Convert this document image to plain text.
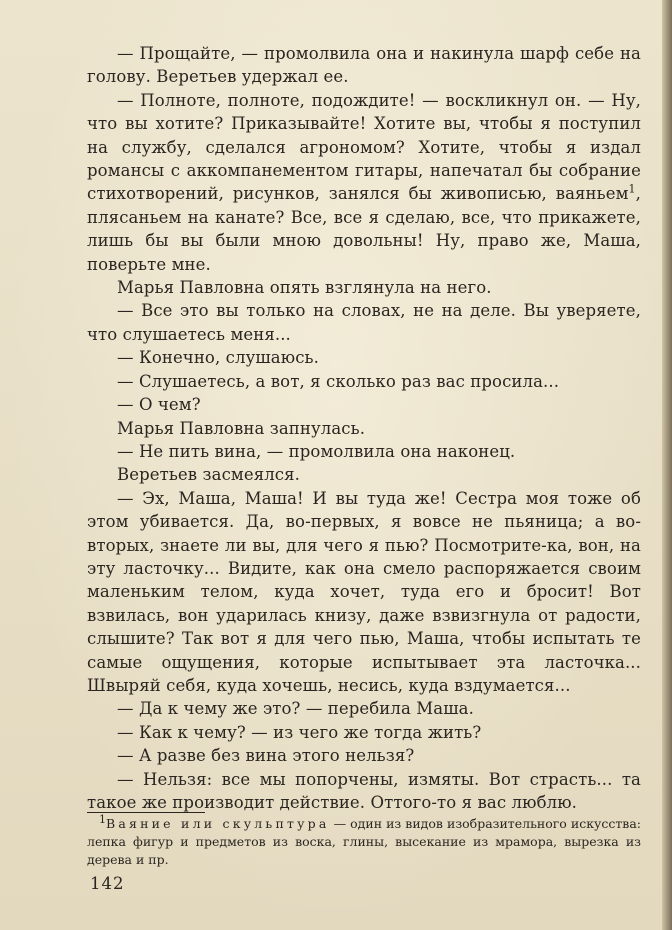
— Прощайте, — промолвила она и накинула шарф себе на голову. Веретьев удержал ее.

— Полноте, полноте, подождите! — воскликнул он. — Ну, что вы хотите? Приказывайте! Хотите вы, чтобы я поступил на службу, сделался агрономом? Хотите, чтобы я издал романсы с аккомпанементом гитары, напечатал бы собрание стихотворений, рисунков, занялся бы живописью, ваяньем$^1$, плясаньем на канате? Все, все я сделаю, все, что прикажете, лишь бы вы были мною довольны! Ну, право же, Маша, поверьте мне.

Марья Павловна опять взглянула на него.

— Все это вы только на словах, не на деле. Вы уверяете, что слушаетесь меня...

— Конечно, слушаюсь.

— Слушаетесь, а вот, я сколько раз вас просила...

— О чем?

Марья Павловна запнулась.

— Не пить вина, — промолвила она наконец.

Веретьев засмеялся.

— Эх, Маша, Маша! И вы туда же! Сестра моя тоже об этом убивается. Да, во-первых, я вовсе не пьяница; а во-вторых, знаете ли вы, для чего я пью? Посмотрите-ка, вон, на эту ласточку... Видите, как она смело распоряжается своим маленьким телом, куда хочет, туда его и бросит! Вот взвилась, вон ударилась книзу, даже взвизгнула от радости, слышите? Так вот я для чего пью, Маша, чтобы испытать те самые ощущения, которые испытывает эта ласточка... Швыряй себя, куда хочешь, несись, куда вздумается...

— Да к чему же это? — перебила Маша.

— Как к чему? — из чего же тогда жить?

— А разве без вина этого нельзя?

— Нельзя: все мы попорчены, измяты. Вот страсть... та такое же производит действие. Оттого-то я вас люблю.

1Ваяние или скульптура — один из видов изобразительного искусства: лепка фигур и предметов из воска, глины, высекание из мрамора, вырезка из дерева и пр.

142
